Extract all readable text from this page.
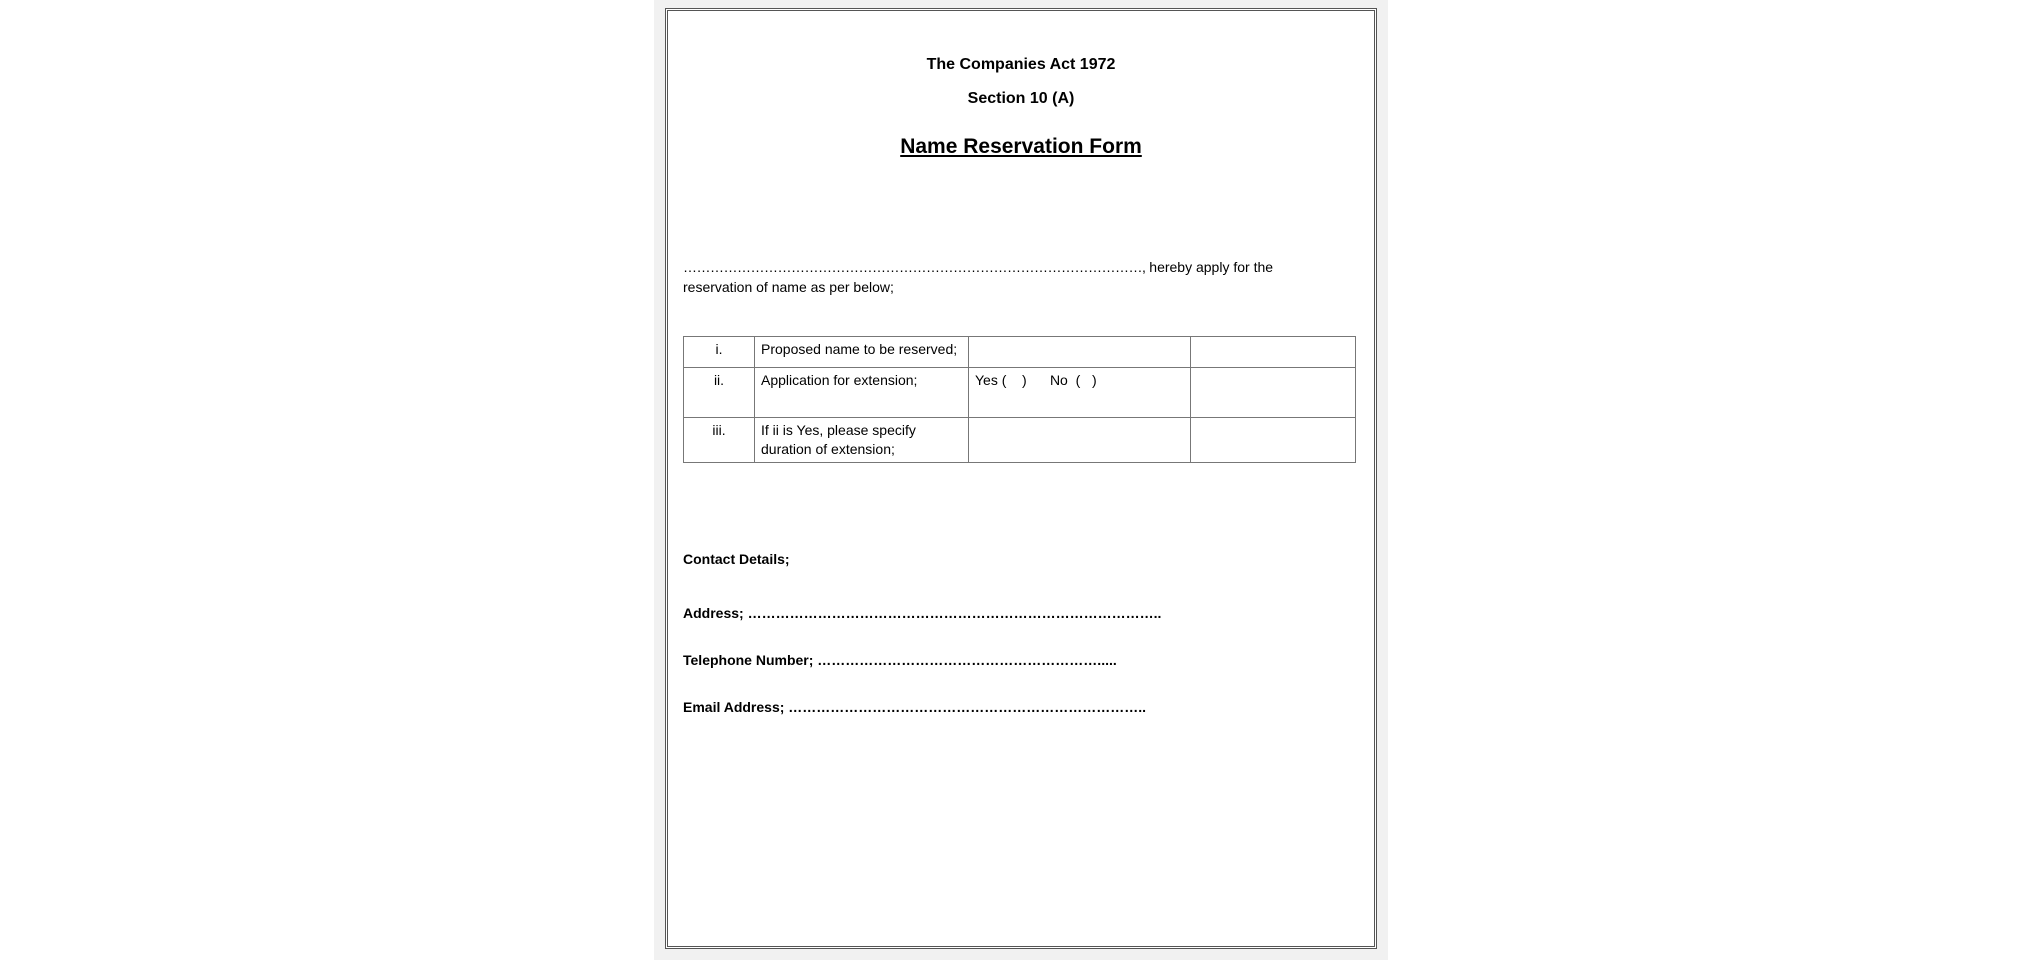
The Companies Act 1972
Section 10 (A)
Name Reservation Form
…………………………………………………………………………………………, hereby apply for the reservation of name as per below;
i.	Proposed name to be reserved;		
ii.	Application for extension;	Yes (    )      No  (   )	
iii.	If ii is Yes, please specify duration of extension;		
Contact Details;
Address; ……………………………………………………………………………..
Telephone Number; …………………………………………………….....
Email Address; …………………………………………………………………..
